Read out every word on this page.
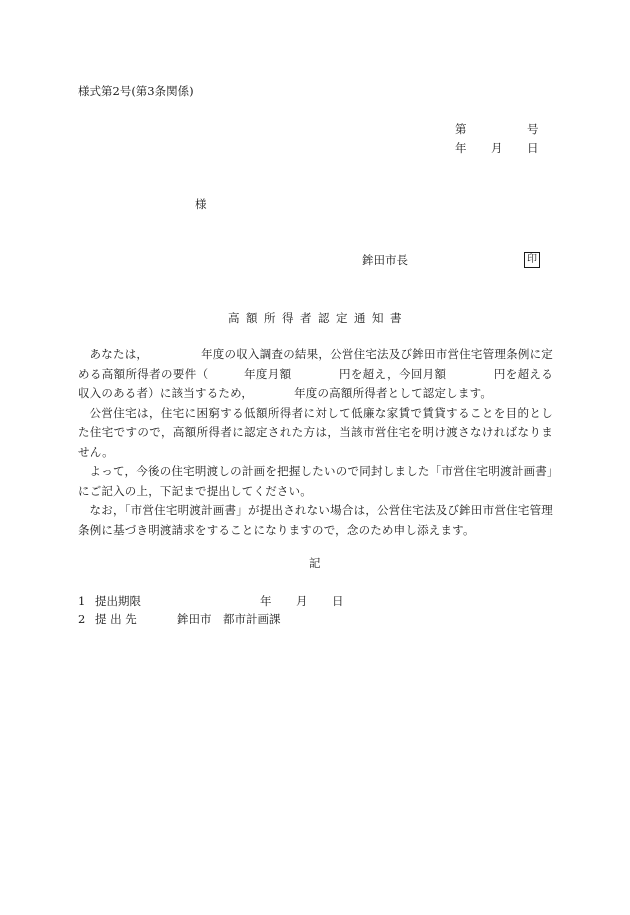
様式第2号(第3条関係)
第	号
年 月 日
様
鉾田市長	印
高額所得者認定通知書

あなたは，　　　　　年度の収入調査の結果，公営住宅法及び鉾田市営住宅管理条例に定める高額所得者の要件（　　　年度月額　　　　円を超え，今回月額　　　　円を超える収入のある者）に該当するため，　　　　年度の高額所得者として認定します。

公営住宅は，住宅に困窮する低額所得者に対して低廉な家賃で賃貸することを目的とした住宅ですので，高額所得者に認定された方は，当該市営住宅を明け渡さなければなりません。

よって，今後の住宅明渡しの計画を把握したいので同封しました「市営住宅明渡計画書」にご記入の上，下記まで提出してください。

なお，「市営住宅明渡計画書」が提出されない場合は，公営住宅法及び鉾田市営住宅管理条例に基づき明渡請求をすることになりますので，念のため申し添えます。

記
1 提出期限	年 月 日
2 提 出 先	鉾田市　都市計画課
